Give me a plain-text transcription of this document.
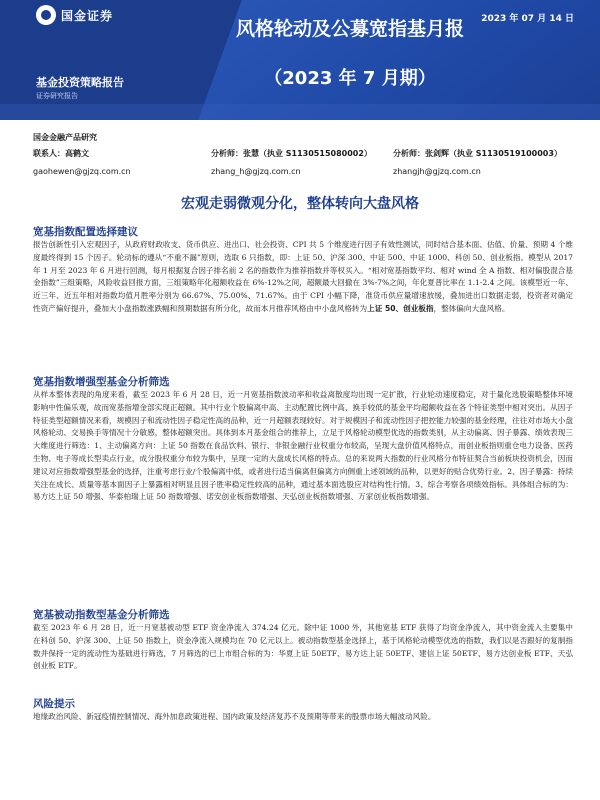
国金证券	2023 年 07 月 14 日
风格轮动及公募宽指基月报
（2023 年 7 月期）
基金投资策略报告
证券研究报告
国金金融产品研究
联系人：高鹤文
gaohewen@gjzq.com.cn
分析师：张慧（执业 S1130515080002）
zhang_h@gjzq.com.cn
分析师：张剑辉（执业 S1130519100003）
zhangjh@gjzq.com.cn
宏观走弱微观分化，整体转向大盘风格
宽基指数配置选择建议

报告创新性引入宏观因子，从政府财政收支、货币供应、进出口、社会投资、CPI 共 5 个维度进行因子有效性测试，同时结合基本面、估值、价量、预期 4 个维度最终得到 15 个因子。轮动标的遵从“不重不漏”原则，选取 6 只指数，即：上证 50、沪深 300、中证 500、中证 1000、科创 50、创业板指。模型从 2017 年 1 月至 2023 年 6 月进行回测，每月根据复合因子排名前 2 名的指数作为推荐指数并等权买入。“相对宽基指数平均、相对 wind 全 A 指数、相对偏股混合基金指数”三组策略，风险收益回报方面，三组策略年化超额收益在 6%-12%之间，超额最大回撤在 3%-7%之间，年化夏普比率在 1.1-2.4 之间。该模型近一年、近三年、近五年相对指数均值月胜率分别为 66.67%、75.00%、71.67%。由于 CPI 小幅下降，准货币供应量增速放缓，叠加进出口数据走弱，投资者对确定性资产偏好提升，叠加大小盘指数涨跌幅和预期数据有所分化，故而本月推荐风格由中小盘风格转为上证 50、创业板指，整体偏向大盘风格。

宽基指数增强型基金分析筛选

从样本整体表现的角度来看，截至 2023 年 6 月 28 日，近一月宽基指数波动率和收益离散度均出现一定扩散，行业轮动速度稳定，对于量化选股策略整体环境影响中性偏乐观，故而宽基指增金部实现正超额。其中行业个股偏离中高、主动配置比例中高、换手较低的基金平均超额收益在各个特征类型中相对突出。从因子特征类型超额情况来看，规模因子和流动性因子稳定性高的品种，近一月超额表现较好。对于规模因子和流动性因子把控能力较强的基金经理，往往对市场大小盘风格轮动、交易换手等情况十分敏感，整体超额突出。具体到本月基金组合的推荐上，立足于风格轮动模型优选的指数类别，从主动偏离、因子暴露、绩效表现三大维度进行筛选：1、主动偏离方向：上证 50 指数在食品饮料、银行、非银金融行业权重分布较高，呈现大盘价值风格特点，而创业板指则重仓电力设备、医药生物、电子等成长型卖点行业，成分股权重分布较为集中，呈现一定的大盘成长风格的特点。总的来说两大指数的行业风格分布特征契合当前板块投资机会，因而建议对应指数增强型基金的选择，注重考虑行业/个股偏离中低，或者进行适当偏离但偏离方向侧重上述领域的品种，以更好的贴合优势行业。2、因子暴露：持续关注在成长、质量等基本面因子上暴露相对明显且因子胜率稳定性较高的品种，通过基本面选股应对结构性行情。3、综合考察各项绩效指标。具体组合标的为：易方达上证 50 增强、华泰柏瑞上证 50 指数增强、诺安创业板指数增强、天弘创业板指数增强、万家创业板指数增强。

宽基被动指数型基金分析筛选

截至 2023 年 6 月 28 日，近一月宽基被动型 ETF 资金净流入 374.24 亿元。除中证 1000 外，其他宽基 ETF 获得了均资金净流入，其中资金流入主要集中在科创 50、沪深 300、上证 50 指数上，资金净流入规模均在 70 亿元以上。被动指数型基金选择上，基于风格轮动模型优选的指数，我们以是否跟好的复制指数并保持一定的流动性为基础进行筛选，7 月筛选的已上市组合标的为：华夏上证 50ETF、易方达上证 50ETF、建信上证 50ETF、易方达创业板 ETF、天弘创业板 ETF。

风险提示

地缘政治风险、新冠疫情控制情况、海外加息政策进程、国内政策及经济复苏不及预期等带来的股票市场大幅波动风险。
